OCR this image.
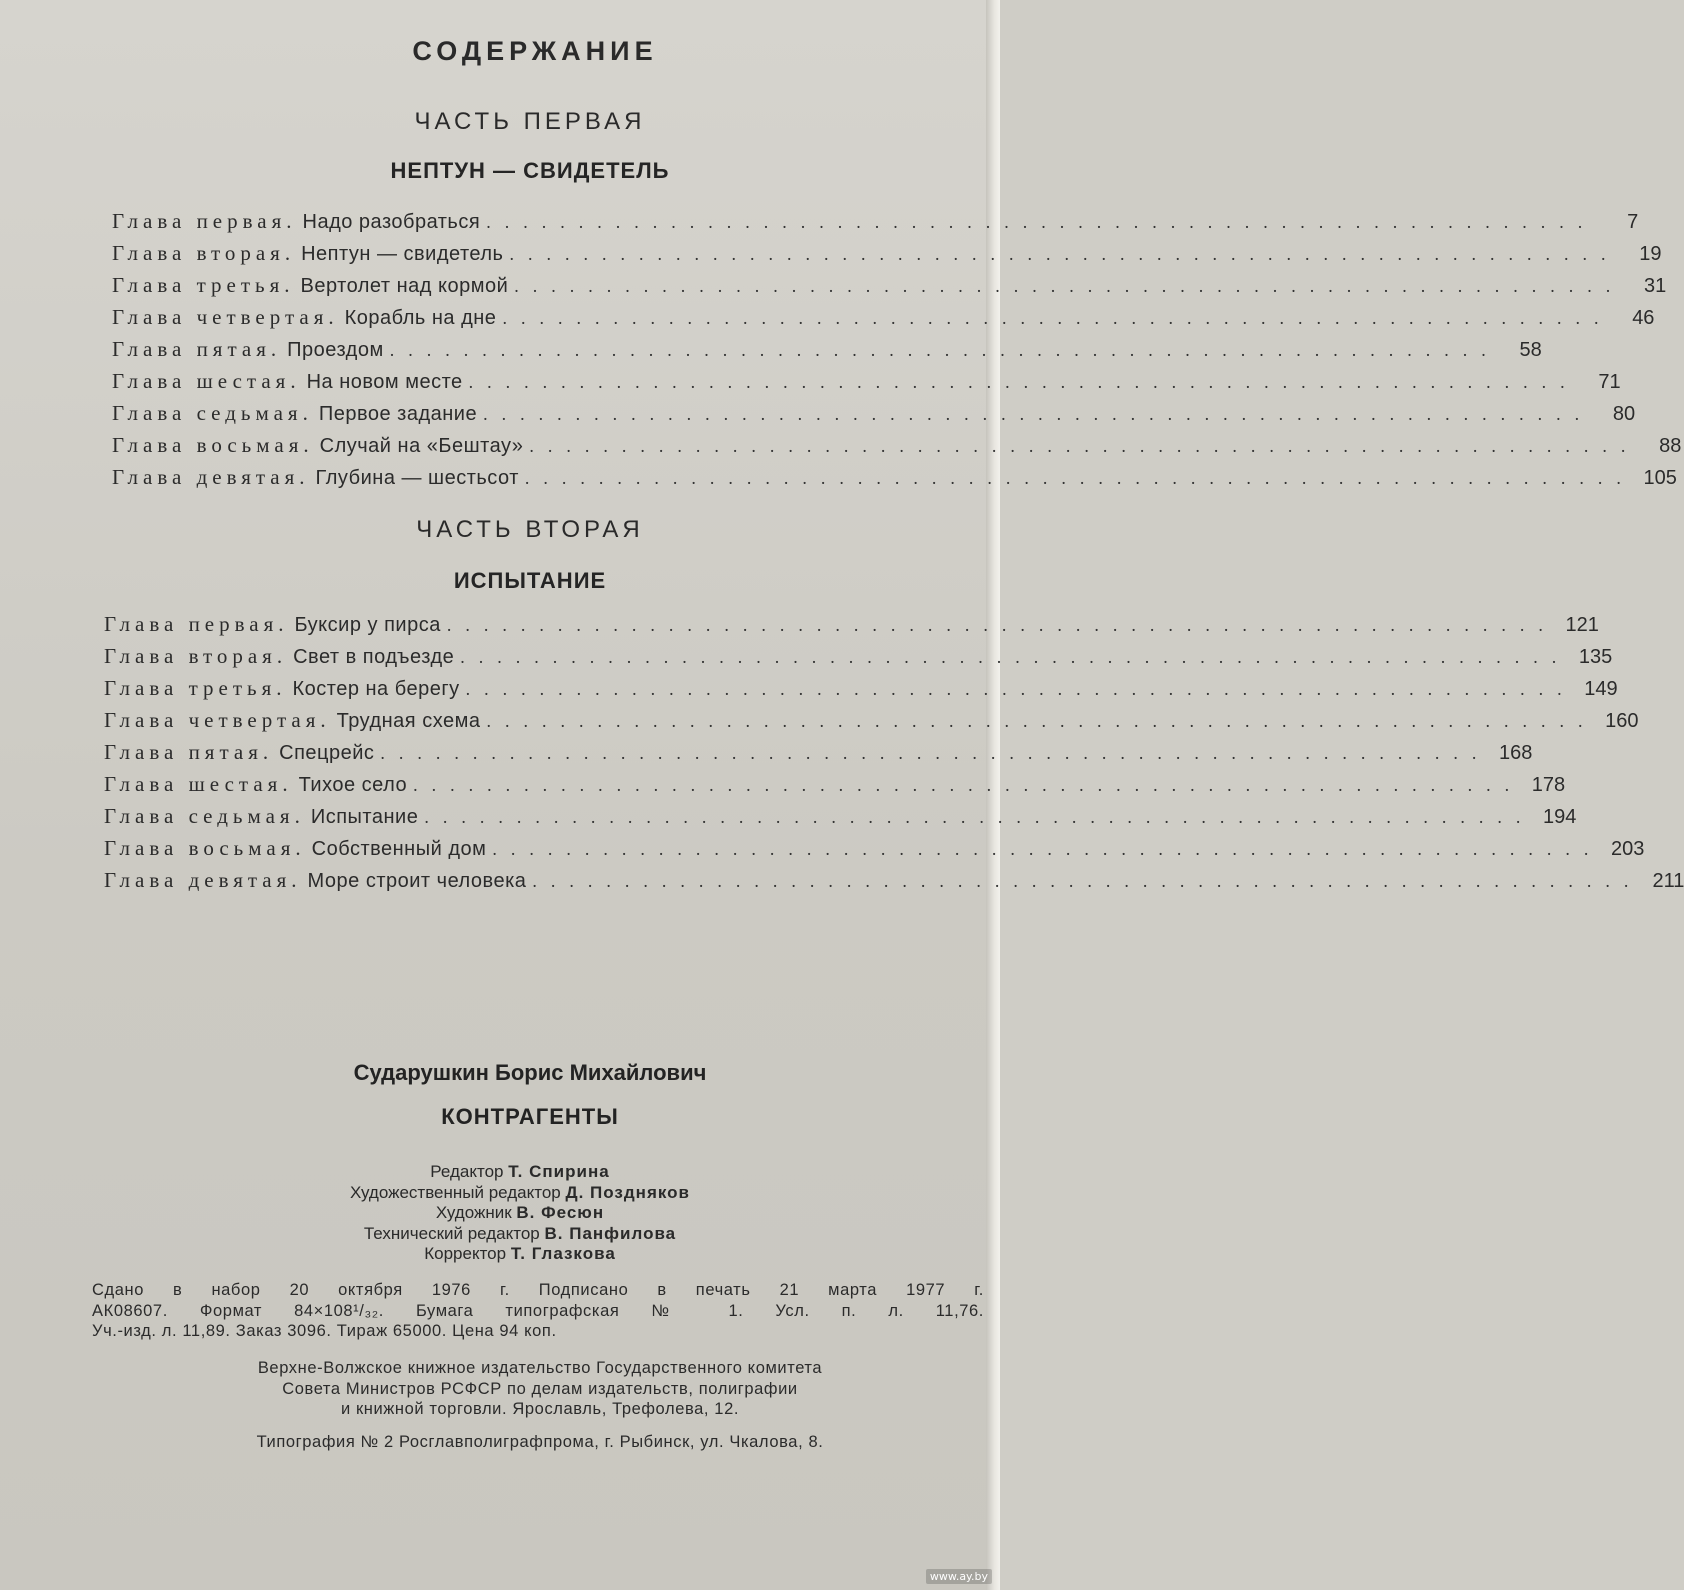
СОДЕРЖАНИЕ
ЧАСТЬ ПЕРВАЯ
НЕПТУН — СВИДЕТЕЛЬ
Глава первая. Надо разобраться ............................................................	7
Глава вторая. Нептун — свидетель ............................................................ 19
Глава третья. Вертолет над кормой ............................................................ 31
Глава четвертая. Корабль на дне ............................................................ 46
Глава пятая. Проездом ............................................................ 58
Глава шестая. На новом месте ............................................................ 71
Глава седьмая. Первое задание ............................................................ 80
Глава восьмая. Случай на «Бештау» ............................................................ 88
Глава девятая. Глубина — шестьсот ............................................................ 105
ЧАСТЬ ВТОРАЯ
ИСПЫТАНИЕ
Глава первая. Буксир у пирса ............................................................ 121
Глава вторая. Свет в подъезде ............................................................ 135
Глава третья. Костер на берегу ............................................................ 149
Глава четвертая. Трудная схема ............................................................ 160
Глава пятая. Спецрейс ............................................................ 168
Глава шестая. Тихое село ............................................................ 178
Глава седьмая. Испытание ............................................................ 194
Глава восьмая. Собственный дом ............................................................ 203
Глава девятая. Море строит человека ............................................................ 211
Сударушкин Борис Михайлович
КОНТРАГЕНТЫ
Редактор Т. Спирина
Художественный редактор Д. Поздняков
Художник В. Фесюн
Технический редактор В. Панфилова
Корректор Т. Глазкова
Сдано в набор 20 октября 1976 г. Подписано в печать 21 марта 1977 г.
АК08607. Формат 84×108¹/₃₂. Бумага типографская № 1. Усл. п. л. 11,76.
Уч.-изд. л. 11,89. Заказ 3096. Тираж 65000. Цена 94 коп.
Верхне-Волжское книжное издательство Государственного комитета
Совета Министров РСФСР по делам издательств, полиграфии
и книжной торговли. Ярославль, Трефолева, 12.
Типография № 2 Росглавполиграфпрома, г. Рыбинск, ул. Чкалова, 8.
www.ay.by
